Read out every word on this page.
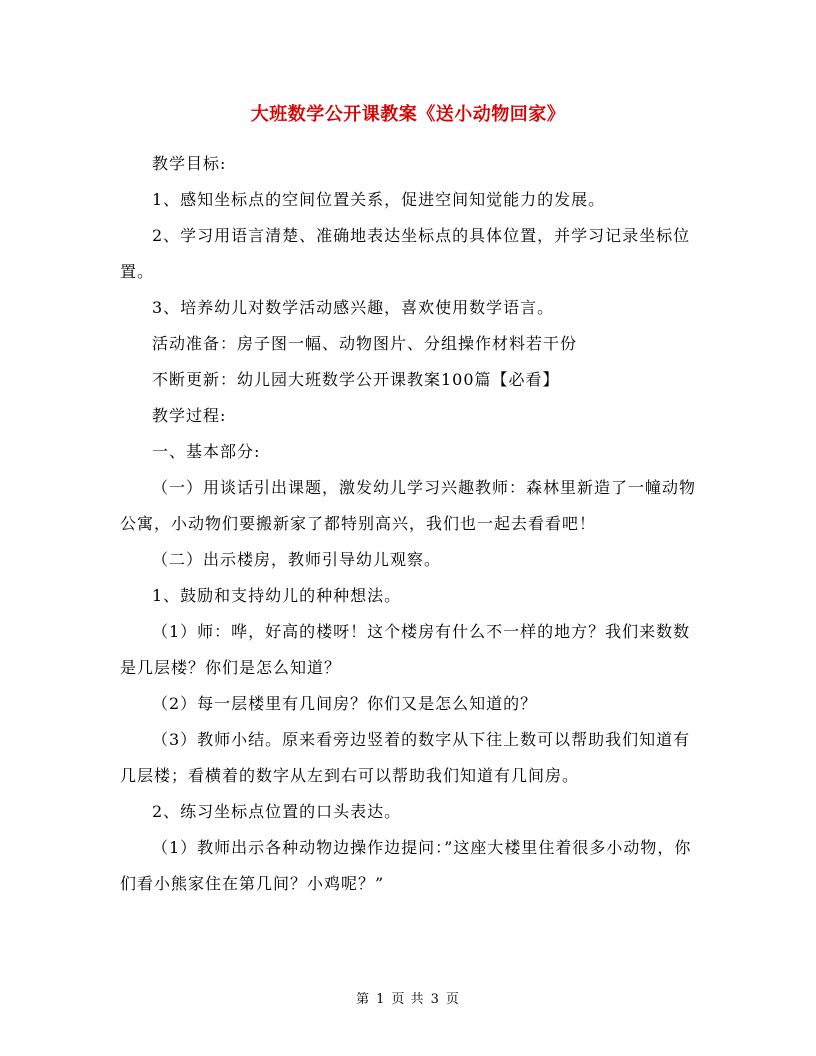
大班数学公开课教案《送小动物回家》

教学目标:

1、感知坐标点的空间位置关系，促进空间知觉能力的发展。

2、学习用语言清楚、准确地表达坐标点的具体位置，并学习记录坐标位置。

3、培养幼儿对数学活动感兴趣，喜欢使用数学语言。

活动准备：房子图一幅、动物图片、分组操作材料若干份

不断更新：幼儿园大班数学公开课教案100篇【必看】

教学过程:

一、基本部分:

（一）用谈话引出课题，激发幼儿学习兴趣教师：森林里新造了一幢动物公寓，小动物们要搬新家了都特别高兴，我们也一起去看看吧！

（二）出示楼房，教师引导幼儿观察。

1、鼓励和支持幼儿的种种想法。

（1）师：哗，好高的楼呀！这个楼房有什么不一样的地方？我们来数数是几层楼？你们是怎么知道？

（2）每一层楼里有几间房？你们又是怎么知道的？

（3）教师小结。原来看旁边竖着的数字从下往上数可以帮助我们知道有几层楼；看横着的数字从左到右可以帮助我们知道有几间房。

2、练习坐标点位置的口头表达。

（1）教师出示各种动物边操作边提问：”这座大楼里住着很多小动物，你们看小熊家住在第几间？小鸡呢？”

第 1 页 共 3 页
